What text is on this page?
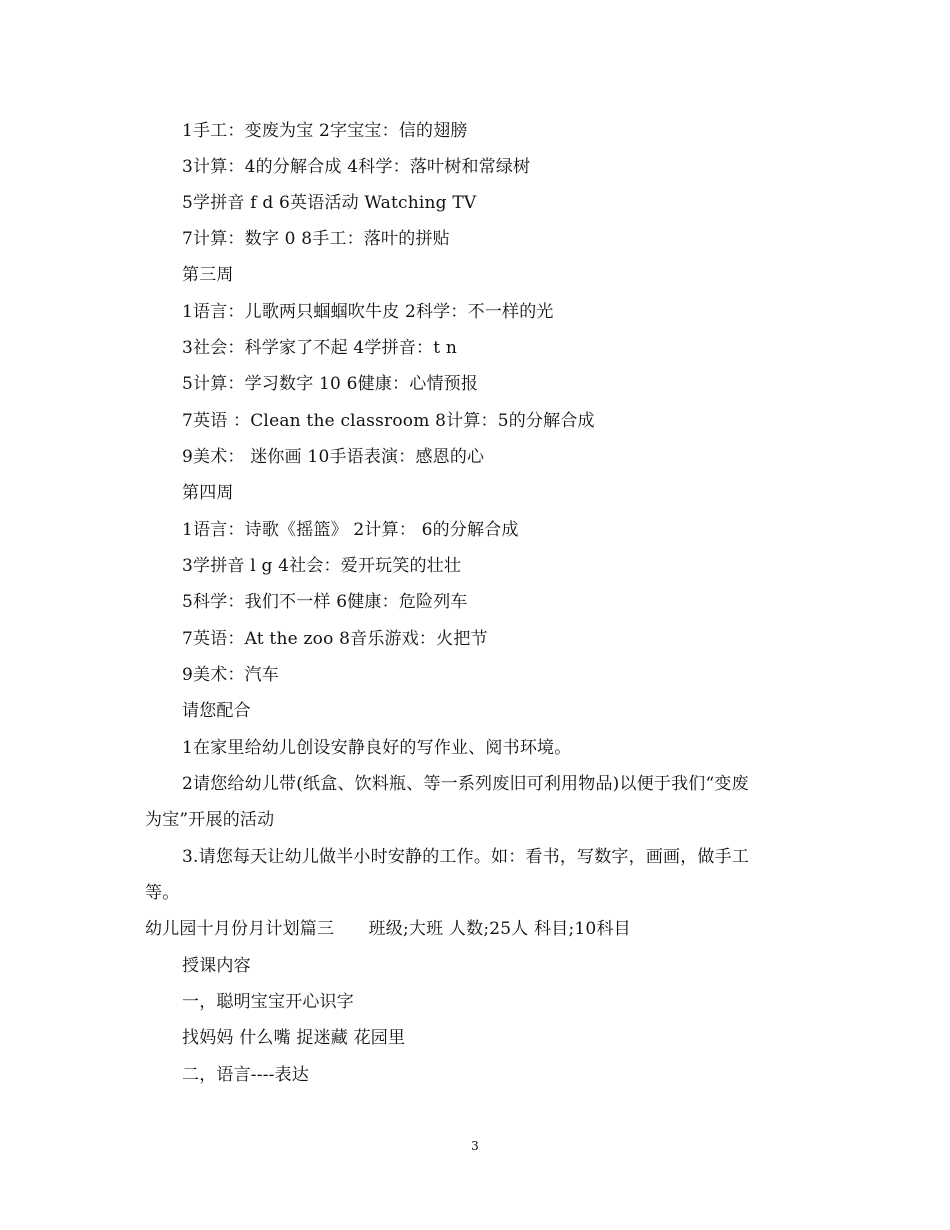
1手工：变废为宝 2字宝宝：信的翅膀
3计算：4的分解合成 4科学：落叶树和常绿树
5学拼音 f d 6英语活动 Watching TV
7计算：数字 0 8手工：落叶的拼贴
第三周
1语言：儿歌两只蝈蝈吹牛皮 2科学：不一样的光
3社会：科学家了不起 4学拼音：t n
5计算：学习数字 10 6健康：心情预报
7英语 ：Clean the classroom 8计算：5的分解合成
9美术： 迷你画 10手语表演：感恩的心
第四周
1语言：诗歌《摇篮》 2计算： 6的分解合成
3学拼音 l g 4社会：爱开玩笑的壮壮
5科学：我们不一样 6健康：危险列车
7英语：At the zoo 8音乐游戏：火把节
9美术：汽车
请您配合
1在家里给幼儿创设安静良好的写作业、阅书环境。
2请您给幼儿带(纸盒、饮料瓶、等一系列废旧可利用物品)以便于我们“变废
为宝”开展的活动
3.请您每天让幼儿做半小时安静的工作。如：看书，写数字，画画，做手工
等。
幼儿园十月份月计划篇三　　班级;大班 人数;25人 科目;10科目
授课内容
一，聪明宝宝开心识字
找妈妈 什么嘴 捉迷藏 花园里
二，语言----表达
3
